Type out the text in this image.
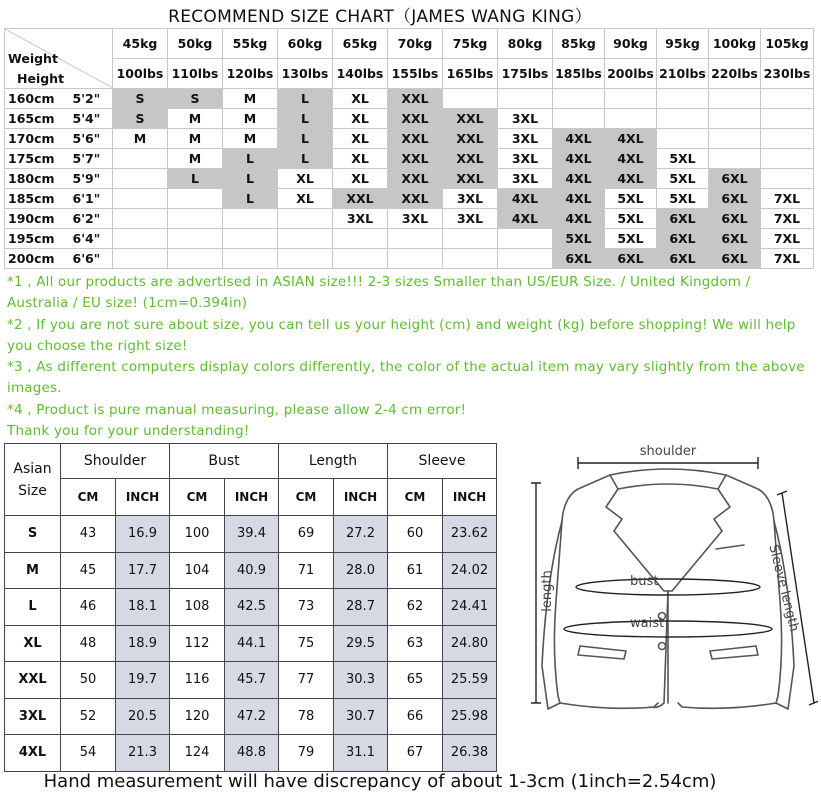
RECOMMEND SIZE CHART（JAMES WANG KING）
Weight
Height		45kg	50kg	55kg	60kg	65kg	70kg	75kg	80kg	85kg	90kg	95kg	100kg	105kg
		100lbs	110lbs	120lbs	130lbs	140lbs	155lbs	165lbs	175lbs	185lbs	200lbs	210lbs	220lbs	230lbs
160cm	5'2"	S	S	M	L	XL	XXL							
165cm	5'4"	S	M	M	L	XL	XXL	XXL	3XL					
170cm	5'6"	M	M	M	L	XL	XXL	XXL	3XL	4XL	4XL			
175cm	5'7"		M	L	L	XL	XXL	XXL	3XL	4XL	4XL	5XL		
180cm	5'9"		L	L	XL	XL	XXL	XXL	3XL	4XL	4XL	5XL	6XL	
185cm	6'1"			L	XL	XXL	XXL	3XL	4XL	4XL	5XL	5XL	6XL	7XL
190cm	6'2"					3XL	3XL	3XL	4XL	4XL	5XL	6XL	6XL	7XL
195cm	6'4"									5XL	5XL	6XL	6XL	7XL
200cm	6'6"									6XL	6XL	6XL	6XL	7XL

*1 , All our products are advertised in ASIAN size!!! 2-3 sizes Smaller than US/EUR Size. / United Kingdom / Australia / EU size! (1cm=0.394in)

*2 , If you are not sure about size, you can tell us your height (cm) and weight (kg) before shopping! We will help you choose the right size!

*3 , As different computers display colors differently, the color of the actual item may vary slightly from the above images.

*4 , Product is pure manual measuring, please allow 2-4 cm error!

Thank you for your understanding!

Asian
Size	Shoulder		Bust		Length		Sleeve	
	CM	INCH	CM	INCH	CM	INCH	CM	INCH
S	43	16.9	100	39.4	69	27.2	60	23.62
M	45	17.7	104	40.9	71	28.0	61	24.02
L	46	18.1	108	42.5	73	28.7	62	24.41
XL	48	18.9	112	44.1	75	29.5	63	24.80
XXL	50	19.7	116	45.7	77	30.3	65	25.59
3XL	52	20.5	120	47.2	78	30.7	66	25.98
4XL	54	21.3	124	48.8	79	31.1	67	26.38
shoulder
length	bust
waist	Sleeve length
Hand measurement will have discrepancy of about 1-3cm (1inch=2.54cm)
